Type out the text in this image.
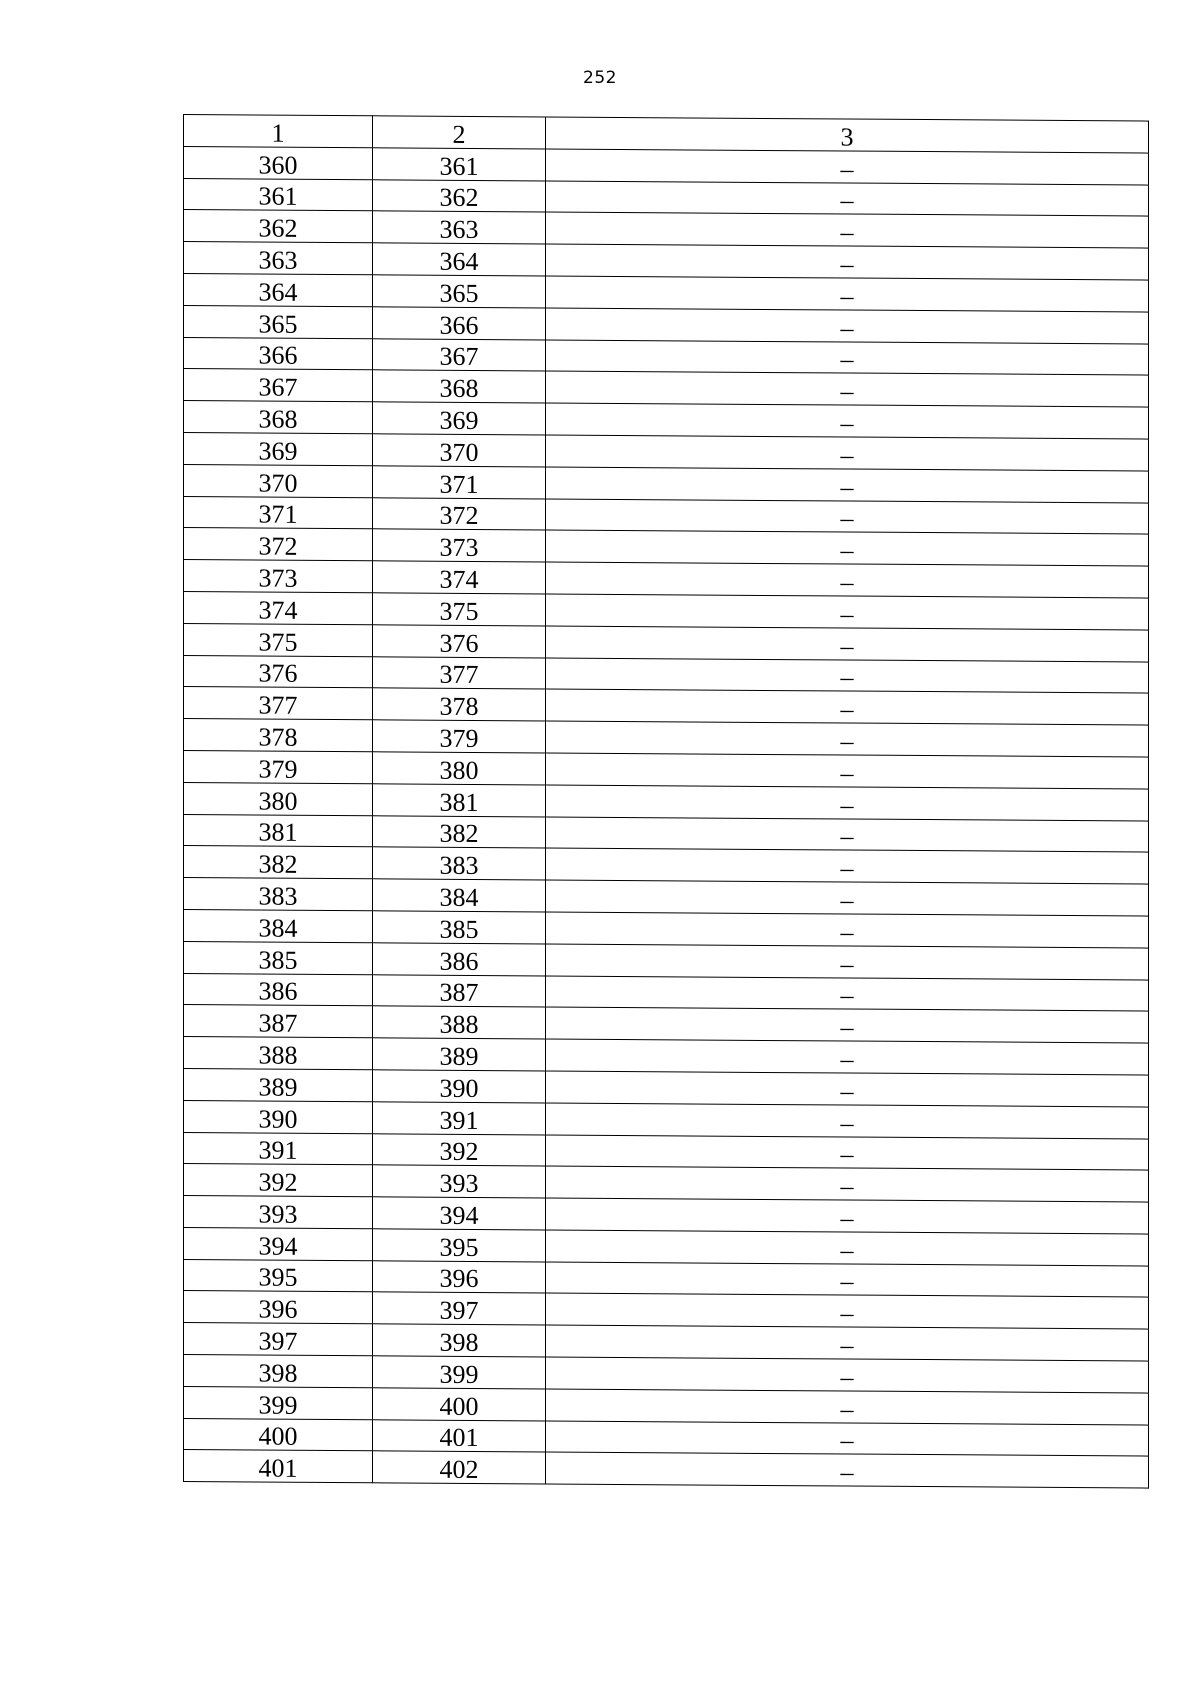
252
1	2	3
360	361	–
361	362	–
362	363	–
363	364	–
364	365	–
365	366	–
366	367	–
367	368	–
368	369	–
369	370	–
370	371	–
371	372	–
372	373	–
373	374	–
374	375	–
375	376	–
376	377	–
377	378	–
378	379	–
379	380	–
380	381	–
381	382	–
382	383	–
383	384	–
384	385	–
385	386	–
386	387	–
387	388	–
388	389	–
389	390	–
390	391	–
391	392	–
392	393	–
393	394	–
394	395	–
395	396	–
396	397	–
397	398	–
398	399	–
399	400	–
400	401	–
401	402	–
